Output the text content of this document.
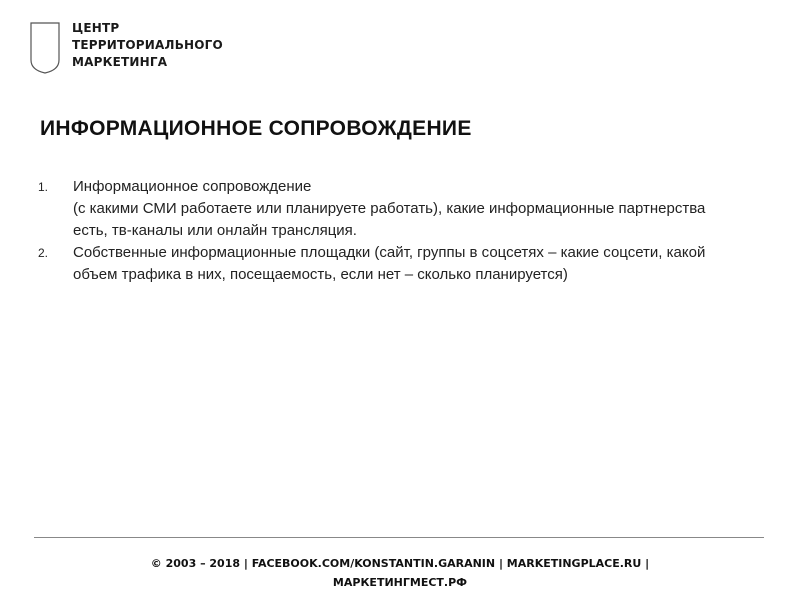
ЦЕНТР
ТЕРРИТОРИАЛЬНОГО
МАРКЕТИНГА
ИНФОРМАЦИОННОЕ СОПРОВОЖДЕНИЕ
1.	Информационное сопровождение
(с какими СМИ работаете или планируете работать), какие информационные партнерства есть, тв-каналы или онлайн трансляция.
2.	Собственные информационные площадки (сайт, группы в соцсетях – какие соцсети, какой объем трафика в них, посещаемость, если нет – сколько планируется)
© 2003 – 2018 | FACEBOOK.COM/KONSTANTIN.GARANIN | MARKETINGPLACE.RU |
МАРКЕТИНГМЕСТ.РФ
